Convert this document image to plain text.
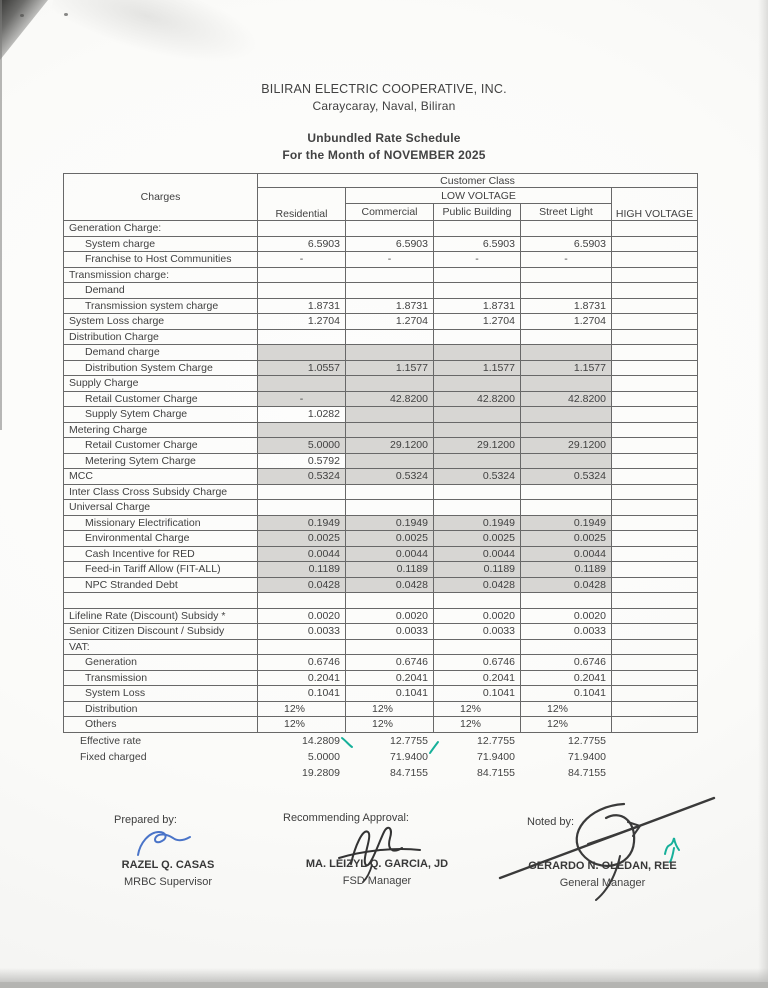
BILIRAN ELECTRIC COOPERATIVE, INC.
Caraycaray, Naval, Biliran
Unbundled Rate Schedule
For the Month of NOVEMBER 2025
Charges	Customer Class				
	Residential	LOW VOLTAGE			HIGH VOLTAGE
		Commercial	Public Building	Street Light	
Generation Charge:					
System charge	6.5903	6.5903	6.5903	6.5903	
Franchise to Host Communities	-	-	-	-	
Transmission charge:					
Demand					
Transmission system charge	1.8731	1.8731	1.8731	1.8731	
System Loss charge	1.2704	1.2704	1.2704	1.2704	
Distribution Charge					
Demand charge					
Distribution System Charge	1.0557	1.1577	1.1577	1.1577	
Supply Charge					
Retail Customer Charge	-	42.8200	42.8200	42.8200	
Supply Sytem Charge	1.0282				
Metering Charge					
Retail Customer Charge	5.0000	29.1200	29.1200	29.1200	
Metering Sytem Charge	0.5792				
MCC	0.5324	0.5324	0.5324	0.5324	
Inter Class Cross Subsidy Charge					
Universal Charge					
Missionary Electrification	0.1949	0.1949	0.1949	0.1949	
Environmental Charge	0.0025	0.0025	0.0025	0.0025	
Cash Incentive for RED	0.0044	0.0044	0.0044	0.0044	
Feed-in Tariff Allow (FIT-ALL)	0.1189	0.1189	0.1189	0.1189	
NPC Stranded Debt	0.0428	0.0428	0.0428	0.0428	

Lifeline Rate (Discount) Subsidy *	0.0020	0.0020	0.0020	0.0020	
Senior Citizen Discount / Subsidy	0.0033	0.0033	0.0033	0.0033	
VAT:					
Generation	0.6746	0.6746	0.6746	0.6746	
Transmission	0.2041	0.2041	0.2041	0.2041	
System Loss	0.1041	0.1041	0.1041	0.1041	
Distribution	12%	12%	12%	12%	
Others	12%	12%	12%	12%	
Effective rate	14.2809	12.7755	12.7755	12.7755	
Fixed charged	5.0000	71.9400	71.9400	71.9400	
	19.2809	84.7155	84.7155	84.7155	
Prepared by:	Recommending Approval:	Noted by:
RAZEL Q. CASAS
MRBC Supervisor
MA. LEIZYL Q. GARCIA, JD
FSD Manager
GERARDO N. OLEDAN, REE
General Manager
